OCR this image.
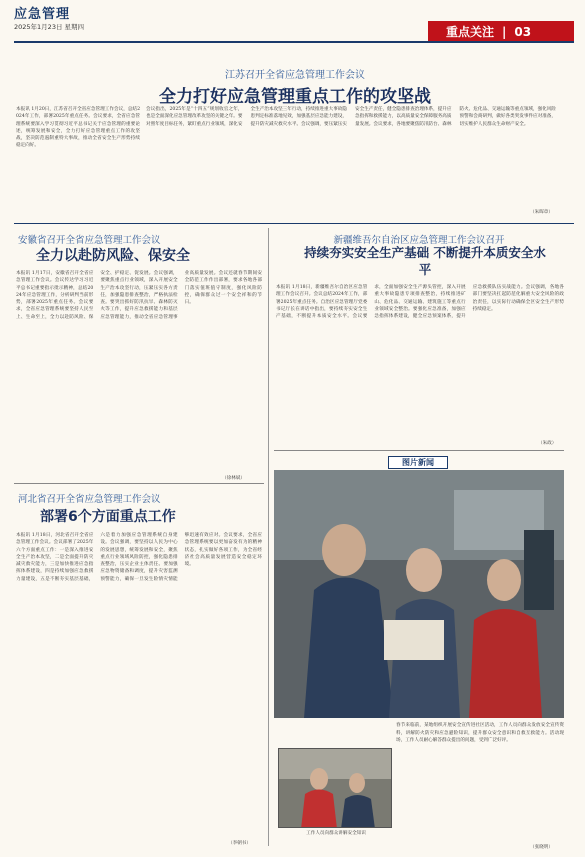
应急管理
2025年1月23日 星期四	重点关注 | 03
江苏召开全省应急管理工作会议
全力打好应急管理重点工作的攻坚战
本报讯 1月20日，江苏省召开全省应急管理工作会议，总结2024年工作，部署2025年重点任务。会议要求，全省应急管理系统要深入学习贯彻习近平总书记关于应急管理的重要论述，统筹发展和安全，全力打好应急管理重点工作的攻坚战，坚决防范遏制重特大事故，推动全省安全生产形势持续稳定向好。
会议指出，2025年是“十四五”规划收官之年，也是全面深化应急管理改革攻坚的关键之年。要对照年度目标任务，紧盯重点行业领域，深化安全生产治本攻坚三年行动，持续推进重大事故隐患判定标准落地见效，加强基层应急能力建设，提升防灾减灾救灾水平。会议强调，要压紧压实安全生产责任，健全隐患排查治理体系，提升应急指挥和救援能力，以高质量安全保障服务高质量发展。会议要求，各地要聚焦防汛防台、森林防火、危化品、交通运输等重点领域，强化风险预警和会商研判，做好各类突发事件应对准备，切实维护人民群众生命财产安全。
（朱晖章）
安徽省召开全省应急管理工作会议
全力以赴防风险、保安全
本报讯 1月17日，安徽省召开全省应急管理工作会议。会议传达学习习近平总书记重要指示批示精神，总结2024年应急管理工作，分析研判当前形势，部署2025年重点任务。会议要求，全省应急管理系统要坚持人民至上、生命至上，全力以赴防风险、保安全、护稳定、促发展。会议强调，要聚焦重点行业领域，深入开展安全生产治本攻坚行动，压紧压实各方责任，加强隐患排查整治，严格执法检查。要突出抓好防汛抗旱、森林防灭火等工作，提升应急救援能力和基层应急管理能力，推动全省应急管理事业高质量发展。会议还就春节期间安全防范工作作出部署，要求各地各部门落实值班值守制度，强化风险防控，确保群众过一个安全祥和的节日。
（徐林斌）
新疆维吾尔自治区应急管理工作会议召开
持续夯实安全生产基础 不断提升本质安全水平
本报讯 1月18日，新疆维吾尔自治区应急管理工作会议召开。会议总结2024年工作，部署2025年重点任务。自治区应急管理厅党委书记厅长在讲话中指出，要持续夯实安全生产基础，不断提升本质安全水平。会议要求，全面加强安全生产源头管控，深入开展重大事故隐患专项排查整治，持续推进矿山、危化品、交通运输、建筑施工等重点行业领域安全整治。要强化应急准备，加强应急指挥体系建设，健全应急预案体系，提升应急救援队伍实战能力。会议强调，各地各部门要坚决扛起防范化解重大安全风险的政治责任，以实际行动确保全区安全生产形势持续稳定。
（朱政）
河北省召开全省应急管理工作会议
部署6个方面重点工作
本报讯 1月18日，河北省召开全省应急管理工作会议。会议部署了2025年六个方面重点工作：一是深入推进安全生产治本攻坚，二是全面提升防灾减灾救灾能力，三是加快推进应急指挥体系建设，四是持续加强应急救援力量建设，五是不断夯实基层基础，六是着力加强应急管理系统自身建设。会议强调，要坚持以人民为中心的发展思想，统筹发展和安全，聚焦重点行业领域风险防控，强化隐患排查整治，压实企业主体责任。要加强应急物资储备和调度，提升灾害监测预警能力，确保一旦发生险情灾情能够迅速有效应对。会议要求，全省应急管理系统要以更加奋发有为的精神状态，扎实做好各项工作，为全省经济社会高质量发展营造安全稳定环境。
（李朝书）
图片新闻
春节来临前，某地组织开展安全宣传进社区活动，工作人员向群众发放安全宣传资料，讲解防火防灾和应急避险知识，提升群众安全意识和自救互救能力。活动现场，工作人员耐心解答群众提出的问题，受到广泛好评。
工作人员向群众讲解安全知识
（张晓明）
